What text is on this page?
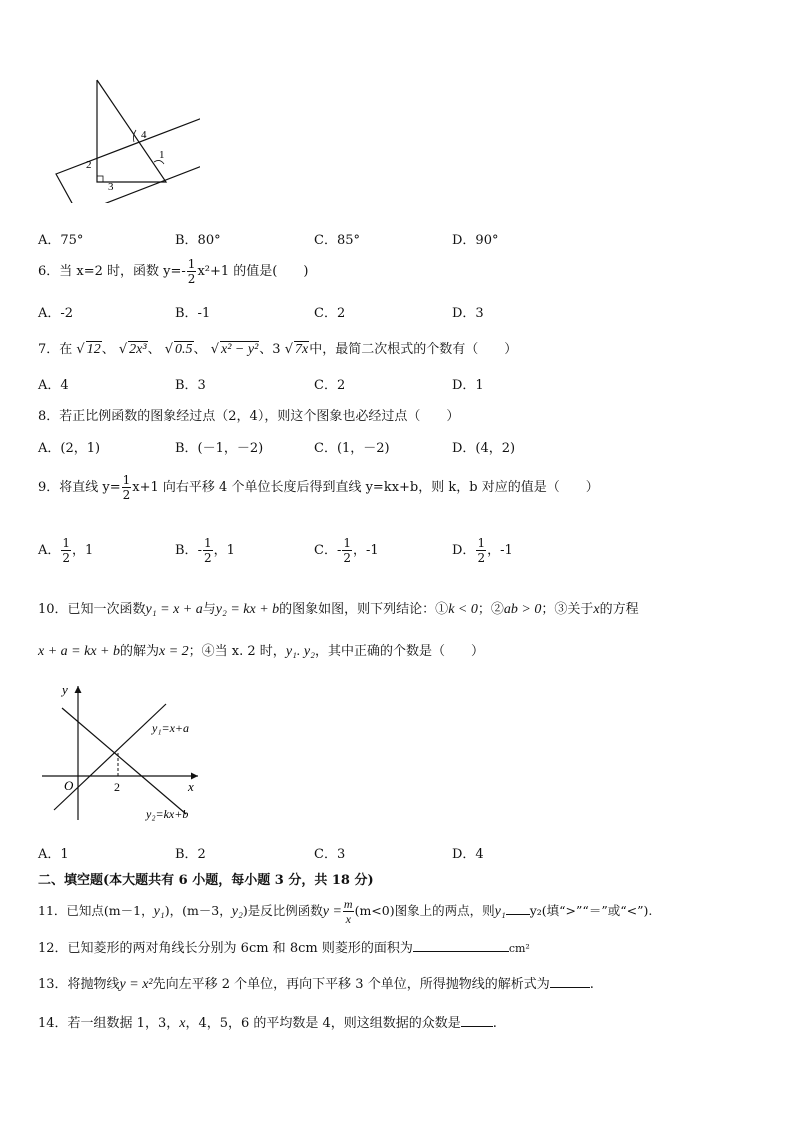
4
1
2
3
A．75°	B．80°	C．85°	D．90°
6．当 x=2 时，函数 $y=- \frac{1}{2} x^2+1$ 的值是(　　)
A．-2	B．-1	C．2	D．3
7．在 √ 12、 √ 2x³、 √ 0.5、 √ x² − y²、3 √ 7x中，最简二次根式的个数有（　　）
A．4	B．3	C．2	D．1
8．若正比例函数的图象经过点（2，4），则这个图象也必经过点（　　）
A．(2，1)	B．(－1，－2)	C．(1，－2)	D．(4，2)
9．将直线 $y= \frac{1}{2} x+1$ 向右平移 4 个单位长度后得到直线 y=kx+b，则 k，b 对应的值是（　　）
A． $\frac{1}{2}$ ，1	B．- $\frac{1}{2}$ ，1	C．- $\frac{1}{2}$ ，-1	D． $\frac{1}{2}$ ，-1
10．已知一次函数y₁ = x + a与y₂ = kx + b的图象如图，则下列结论：①k < 0；②ab > 0；③关于x的方程
x + a = kx + b的解为x = 2；④当 x. 2 时，y₁. y₂，其中正确的个数是（　　）
y
x
O	2
y₁=x+a
y₂=kx+b
A．1	B．2	C．3	D．4
二、填空题(本大题共有 6 小题，每小题 3 分，共 18 分)
11．已知点(m－1，y₁)，(m－3，y₂)是反比例函数$y = \frac{m}{x} (m<0)$图象上的两点，则y₁ y₂(填“>”“＝”或“<”).
12．已知菱形的两对角线长分别为 6cm 和 8cm 则菱形的面积为	cm²
13．将抛物线y = x²先向左平移 2 个单位，再向下平移 3 个单位，所得抛物线的解析式为	.
14．若一组数据 1，3，x，4，5，6 的平均数是 4，则这组数据的众数是 .
